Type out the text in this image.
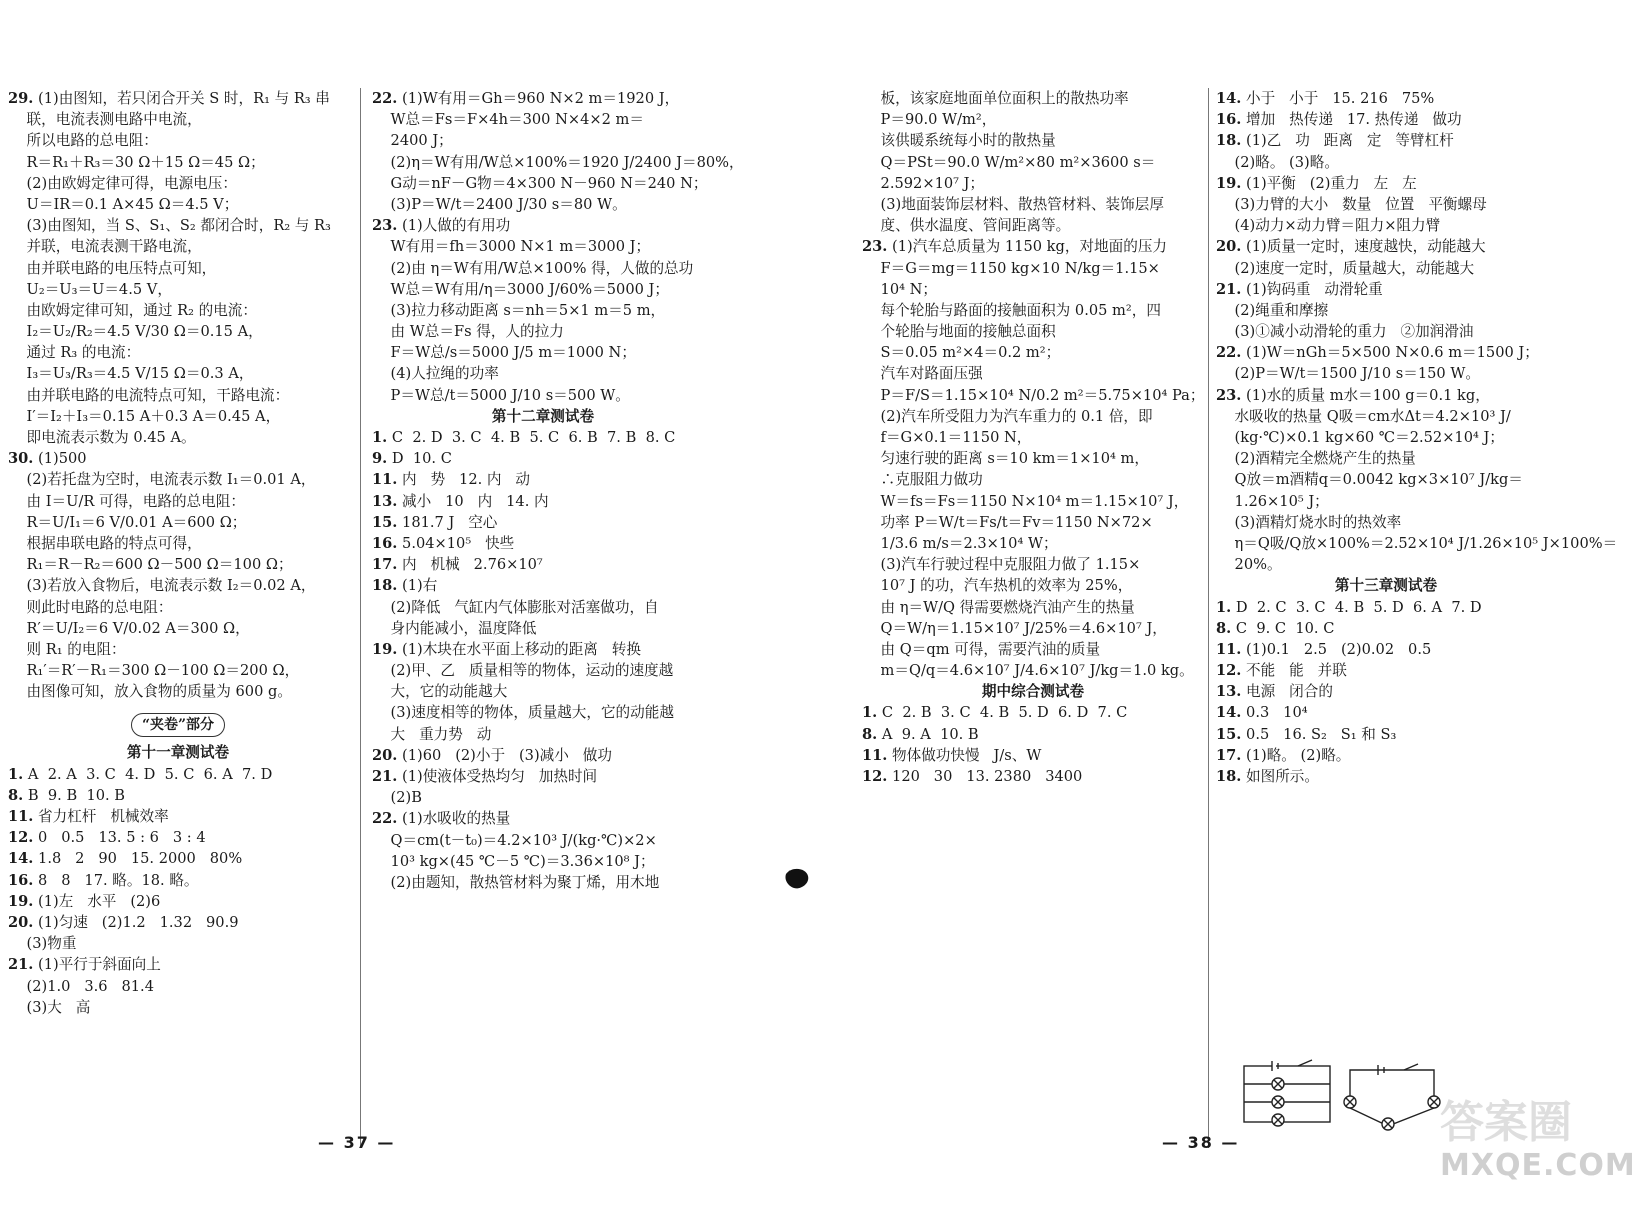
29. (1)由图知，若只闭合开关 S 时，R₁ 与 R₃ 串
联，电流表测电路中电流，
所以电路的总电阻：
R＝R₁＋R₃＝30 Ω＋15 Ω＝45 Ω；
(2)由欧姆定律可得，电源电压：
U＝IR＝0.1 A×45 Ω＝4.5 V；
(3)由图知，当 S、S₁、S₂ 都闭合时，R₂ 与 R₃
并联，电流表测干路电流，
由并联电路的电压特点可知，
U₂＝U₃＝U＝4.5 V，
由欧姆定律可知，通过 R₂ 的电流：
I₂＝U₂/R₂＝4.5 V/30 Ω＝0.15 A，
通过 R₃ 的电流：
I₃＝U₃/R₃＝4.5 V/15 Ω＝0.3 A，
由并联电路的电流特点可知，干路电流：
I′＝I₂＋I₃＝0.15 A＋0.3 A＝0.45 A，
即电流表示数为 0.45 A。
30. (1)500
(2)若托盘为空时，电流表示数 I₁＝0.01 A，
由 I＝U/R 可得，电路的总电阻：
R＝U/I₁＝6 V/0.01 A＝600 Ω；
根据串联电路的特点可得，
R₁＝R－R₂＝600 Ω－500 Ω＝100 Ω；
(3)若放入食物后，电流表示数 I₂＝0.02 A，
则此时电路的总电阻：
R′＝U/I₂＝6 V/0.02 A＝300 Ω，
则 R₁ 的电阻：
R₁′＝R′－R₁＝300 Ω－100 Ω＝200 Ω，
由图像可知，放入食物的质量为 600 g。
“夹卷”部分
第十一章测试卷
1. A  2. A  3. C  4. D  5. C  6. A  7. D
8. B  9. B  10. B
11. 省力杠杆   机械效率
12. 0   0.5   13. 5 : 6   3 : 4
14. 1.8   2   90   15. 2000   80%
16. 8   8   17. 略。18. 略。
19. (1)左   水平   (2)6
20. (1)匀速   (2)1.2   1.32   90.9
(3)物重
21. (1)平行于斜面向上
(2)1.0   3.6   81.4
(3)大   高
22. (1)W有用＝Gh＝960 N×2 m＝1920 J，
W总＝Fs＝F×4h＝300 N×4×2 m＝
2400 J；
(2)η＝W有用/W总×100%＝1920 J/2400 J＝80%，
G动＝nF－G物＝4×300 N－960 N＝240 N；
(3)P＝W/t＝2400 J/30 s＝80 W。
23. (1)人做的有用功
W有用＝fh＝3000 N×1 m＝3000 J；
(2)由 η＝W有用/W总×100% 得，人做的总功
W总＝W有用/η＝3000 J/60%＝5000 J；
(3)拉力移动距离 s＝nh＝5×1 m＝5 m，
由 W总＝Fs 得，人的拉力
F＝W总/s＝5000 J/5 m＝1000 N；
(4)人拉绳的功率
P＝W总/t＝5000 J/10 s＝500 W。
第十二章测试卷
1. C  2. D  3. C  4. B  5. C  6. B  7. B  8. C
9. D  10. C
11. 内   势   12. 内   动
13. 减小   10   内   14. 内
15. 181.7 J   空心
16. 5.04×10⁵   快些
17. 内   机械   2.76×10⁷
18. (1)右
(2)降低   气缸内气体膨胀对活塞做功，自
身内能减小，温度降低
19. (1)木块在水平面上移动的距离   转换
(2)甲、乙   质量相等的物体，运动的速度越
大，它的动能越大
(3)速度相等的物体，质量越大，它的动能越
大   重力势   动
20. (1)60   (2)小于   (3)减小   做功
21. (1)使液体受热均匀   加热时间
(2)B
22. (1)水吸收的热量
Q＝cm(t－t₀)＝4.2×10³ J/(kg·℃)×2×
10³ kg×(45 ℃－5 ℃)＝3.36×10⁸ J；
(2)由题知，散热管材料为聚丁烯，用木地
板，该家庭地面单位面积上的散热功率
P＝90.0 W/m²，
该供暖系统每小时的散热量
Q＝PSt＝90.0 W/m²×80 m²×3600 s＝
2.592×10⁷ J；
(3)地面装饰层材料、散热管材料、装饰层厚
度、供水温度、管间距离等。
23. (1)汽车总质量为 1150 kg，对地面的压力
F＝G＝mg＝1150 kg×10 N/kg＝1.15×
10⁴ N；
每个轮胎与路面的接触面积为 0.05 m²，四
个轮胎与地面的接触总面积
S＝0.05 m²×4＝0.2 m²；
汽车对路面压强
P＝F/S＝1.15×10⁴ N/0.2 m²＝5.75×10⁴ Pa；
(2)汽车所受阻力为汽车重力的 0.1 倍，即
f＝G×0.1＝1150 N，
匀速行驶的距离 s＝10 km＝1×10⁴ m，
∴克服阻力做功
W＝fs＝Fs＝1150 N×10⁴ m＝1.15×10⁷ J，
功率 P＝W/t＝Fs/t＝Fv＝1150 N×72×
1/3.6 m/s＝2.3×10⁴ W；
(3)汽车行驶过程中克服阻力做了 1.15×
10⁷ J 的功，汽车热机的效率为 25%，
由 η＝W/Q 得需要燃烧汽油产生的热量
Q＝W/η＝1.15×10⁷ J/25%＝4.6×10⁷ J，
由 Q＝qm 可得，需要汽油的质量
m＝Q/q＝4.6×10⁷ J/4.6×10⁷ J/kg＝1.0 kg。
期中综合测试卷
1. C  2. B  3. C  4. B  5. D  6. D  7. C
8. A  9. A  10. B
11. 物体做功快慢   J/s、W
12. 120   30   13. 2380   3400
14. 小于   小于   15. 216   75%
16. 增加   热传递   17. 热传递   做功
18. (1)乙   功   距离   定   等臂杠杆
(2)略。 (3)略。
19. (1)平衡   (2)重力   左   左
(3)力臂的大小   数量   位置   平衡螺母
(4)动力×动力臂＝阻力×阻力臂
20. (1)质量一定时，速度越快，动能越大
(2)速度一定时，质量越大，动能越大
21. (1)钩码重   动滑轮重
(2)绳重和摩擦
(3)①减小动滑轮的重力   ②加润滑油
22. (1)W＝nGh＝5×500 N×0.6 m＝1500 J；
(2)P＝W/t＝1500 J/10 s＝150 W。
23. (1)水的质量 m水＝100 g＝0.1 kg，
水吸收的热量 Q吸＝cm水Δt＝4.2×10³ J/
(kg·℃)×0.1 kg×60 ℃＝2.52×10⁴ J；
(2)酒精完全燃烧产生的热量
Q放＝m酒精q＝0.0042 kg×3×10⁷ J/kg＝
1.26×10⁵ J；
(3)酒精灯烧水时的热效率
η＝Q吸/Q放×100%＝2.52×10⁴ J/1.26×10⁵ J×100%＝
20%。
第十三章测试卷
1. D  2. C  3. C  4. B  5. D  6. A  7. D
8. C  9. C  10. C
11. (1)0.1   2.5   (2)0.02   0.5
12. 不能   能   并联
13. 电源   闭合的
14. 0.3   10⁴
15. 0.5   16. S₂   S₁ 和 S₃
17. (1)略。 (2)略。
18. 如图所示。
— 37 —	— 38 —	答案圈
MXQE.COM
